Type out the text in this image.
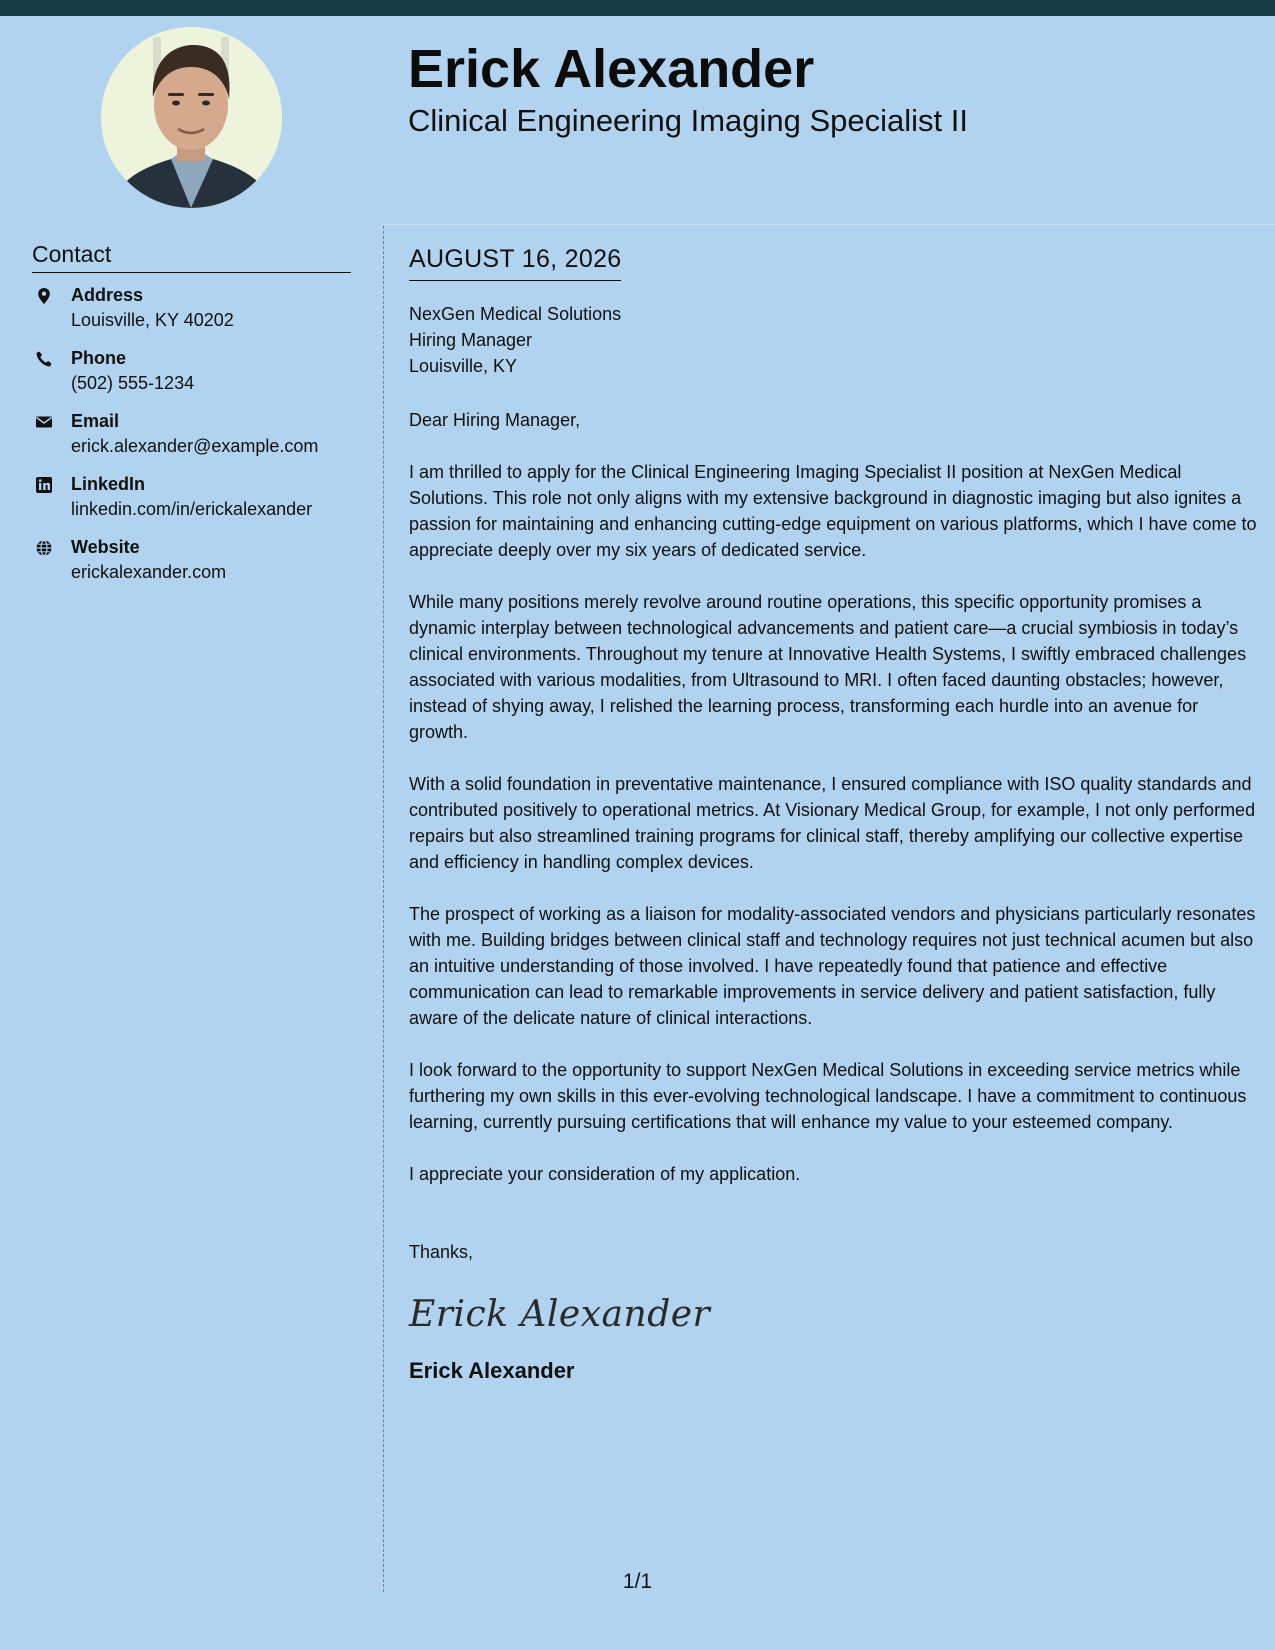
Erick Alexander
Clinical Engineering Imaging Specialist II
Contact
Address
Louisville, KY 40202
Phone
(502) 555-1234
Email
erick.alexander@example.com
LinkedIn
linkedin.com/in/erickalexander
Website
erickalexander.com
AUGUST 16, 2026
NexGen Medical Solutions
Hiring Manager
Louisville, KY
Dear Hiring Manager,

I am thrilled to apply for the Clinical Engineering Imaging Specialist II position at NexGen Medical Solutions. This role not only aligns with my extensive background in diagnostic imaging but also ignites a passion for maintaining and enhancing cutting-edge equipment on various platforms, which I have come to appreciate deeply over my six years of dedicated service.

While many positions merely revolve around routine operations, this specific opportunity promises a dynamic interplay between technological advancements and patient care—a crucial symbiosis in today’s clinical environments. Throughout my tenure at Innovative Health Systems, I swiftly embraced challenges associated with various modalities, from Ultrasound to MRI. I often faced daunting obstacles; however, instead of shying away, I relished the learning process, transforming each hurdle into an avenue for growth.

With a solid foundation in preventative maintenance, I ensured compliance with ISO quality standards and contributed positively to operational metrics. At Visionary Medical Group, for example, I not only performed repairs but also streamlined training programs for clinical staff, thereby amplifying our collective expertise and efficiency in handling complex devices.

The prospect of working as a liaison for modality-associated vendors and physicians particularly resonates with me. Building bridges between clinical staff and technology requires not just technical acumen but also an intuitive understanding of those involved. I have repeatedly found that patience and effective communication can lead to remarkable improvements in service delivery and patient satisfaction, fully aware of the delicate nature of clinical interactions.

I look forward to the opportunity to support NexGen Medical Solutions in exceeding service metrics while furthering my own skills in this ever-evolving technological landscape. I have a commitment to continuous learning, currently pursuing certifications that will enhance my value to your esteemed company.

I appreciate your consideration of my application.
Thanks,
Erick Alexander
Erick Alexander
1/1
